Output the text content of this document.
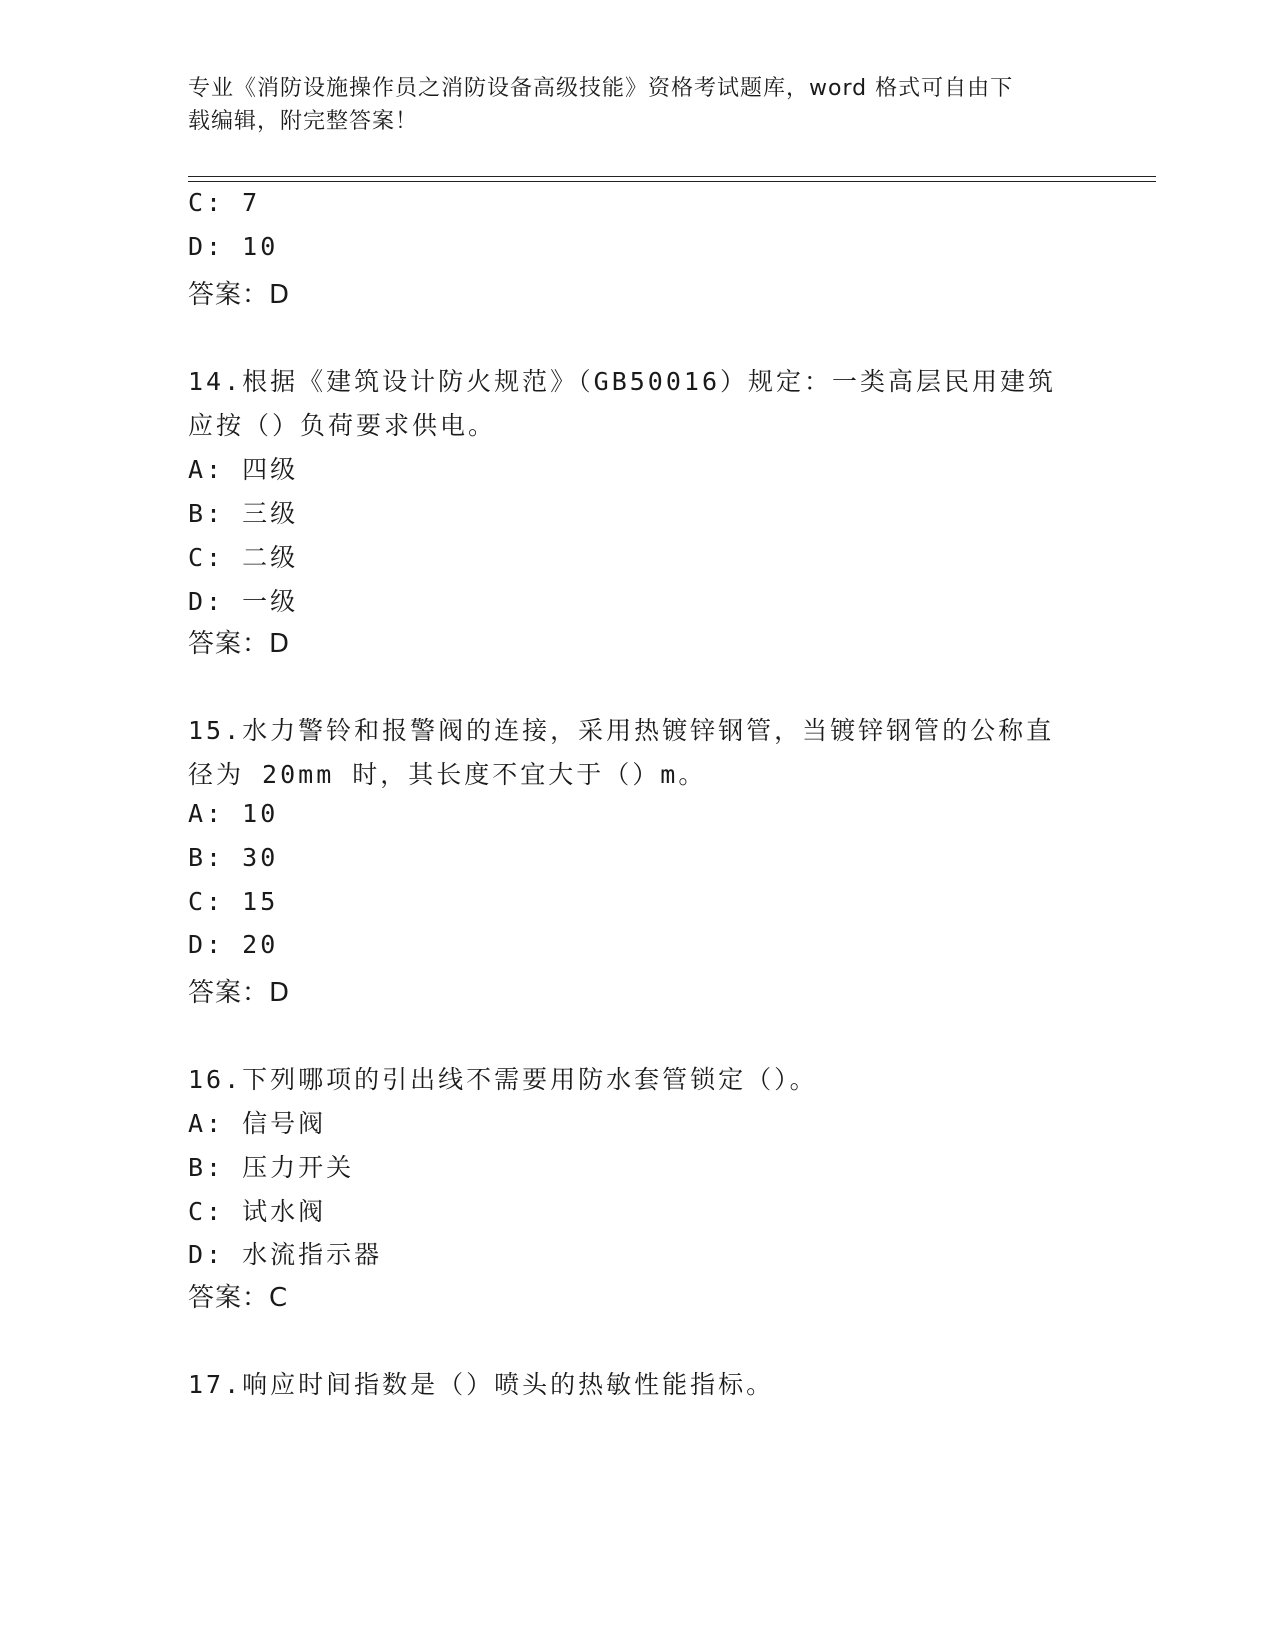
专业《消防设施操作员之消防设备高级技能》资格考试题库，word 格式可自由下
载编辑，附完整答案！
C: 7
D: 10
答案：D
14.根据《建筑设计防火规范》（GB50016）规定：一类高层民用建筑
应按（）负荷要求供电。
A: 四级
B: 三级
C: 二级
D: 一级
答案：D
15.水力警铃和报警阀的连接，采用热镀锌钢管，当镀锌钢管的公称直
径为 20mm 时，其长度不宜大于（）m。
A: 10
B: 30
C: 15
D: 20
答案：D
16.下列哪项的引出线不需要用防水套管锁定（）。
A: 信号阀
B: 压力开关
C: 试水阀
D: 水流指示器
答案：C
17.响应时间指数是（）喷头的热敏性能指标。
